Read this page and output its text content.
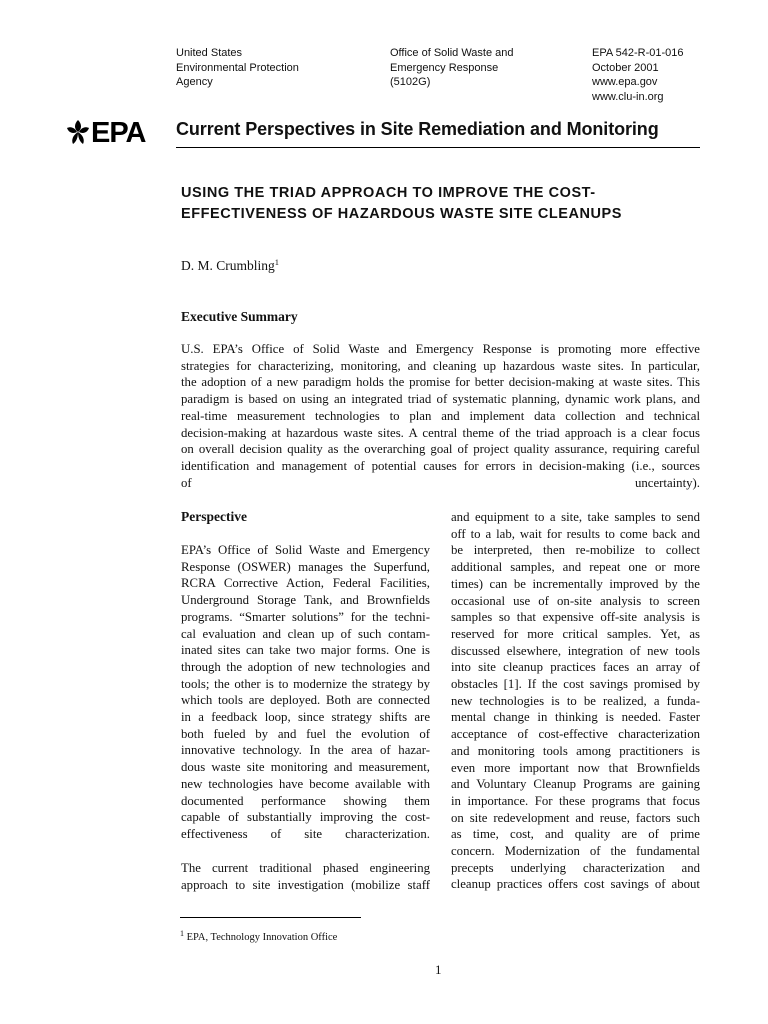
United States
Environmental Protection
Agency
Office of Solid Waste and
Emergency Response
(5102G)
EPA 542-R-01-016
October 2001
www.epa.gov
www.clu-in.org
EPA Current Perspectives in Site Remediation and Monitoring
USING THE TRIAD APPROACH TO IMPROVE THE COST-
EFFECTIVENESS OF HAZARDOUS WASTE SITE CLEANUPS
D. M. Crumbling$^1$
Executive Summary
U.S. EPA’s Office of Solid Waste and Emergency Response is promoting more effective
strategies for characterizing, monitoring, and cleaning up hazardous waste sites. In particular,
the adoption of a new paradigm holds the promise for better decision-making at waste sites. This
paradigm is based on using an integrated triad of systematic planning, dynamic work plans, and
real-time measurement technologies to plan and implement data collection and technical
decision-making at hazardous waste sites. A central theme of the triad approach is a clear focus
on overall decision quality as the overarching goal of project quality assurance, requiring careful
identification and management of potential causes for errors in decision-making (i.e., sources
of uncertainty).
Perspective
EPA’s Office of Solid Waste and Emergency
Response (OSWER) manages the Superfund,
RCRA Corrective Action, Federal Facilities,
Underground Storage Tank, and Brownfields
programs. “Smarter solutions” for the techni-
cal evaluation and clean up of such contam-
inated sites can take two major forms. One is
through the adoption of new technologies and
tools; the other is to modernize the strategy by
which tools are deployed. Both are connected
in a feedback loop, since strategy shifts are
both fueled by and fuel the evolution of
innovative technology. In the area of hazar-
dous waste site monitoring and measurement,
new technologies have become available with
documented performance showing them
capable of substantially improving the cost-
effectiveness of site characterization.
The current traditional phased engineering
approach to site investigation (mobilize staff
and equipment to a site, take samples to send
off to a lab, wait for results to come back and
be interpreted, then re-mobilize to collect
additional samples, and repeat one or more
times) can be incrementally improved by the
occasional use of on-site analysis to screen
samples so that expensive off-site analysis is
reserved for more critical samples. Yet, as
discussed elsewhere, integration of new tools
into site cleanup practices faces an array of
obstacles [1]. If the cost savings promised by
new technologies is to be realized, a funda-
mental change in thinking is needed. Faster
acceptance of cost-effective characterization
and monitoring tools among practitioners is
even more important now that Brownfields
and Voluntary Cleanup Programs are gaining
in importance. For these programs that focus
on site redevelopment and reuse, factors such
as time, cost, and quality are of prime
concern. Modernization of the fundamental
precepts underlying characterization and
cleanup practices offers cost savings of about
$^1$ EPA, Technology Innovation Office
1
